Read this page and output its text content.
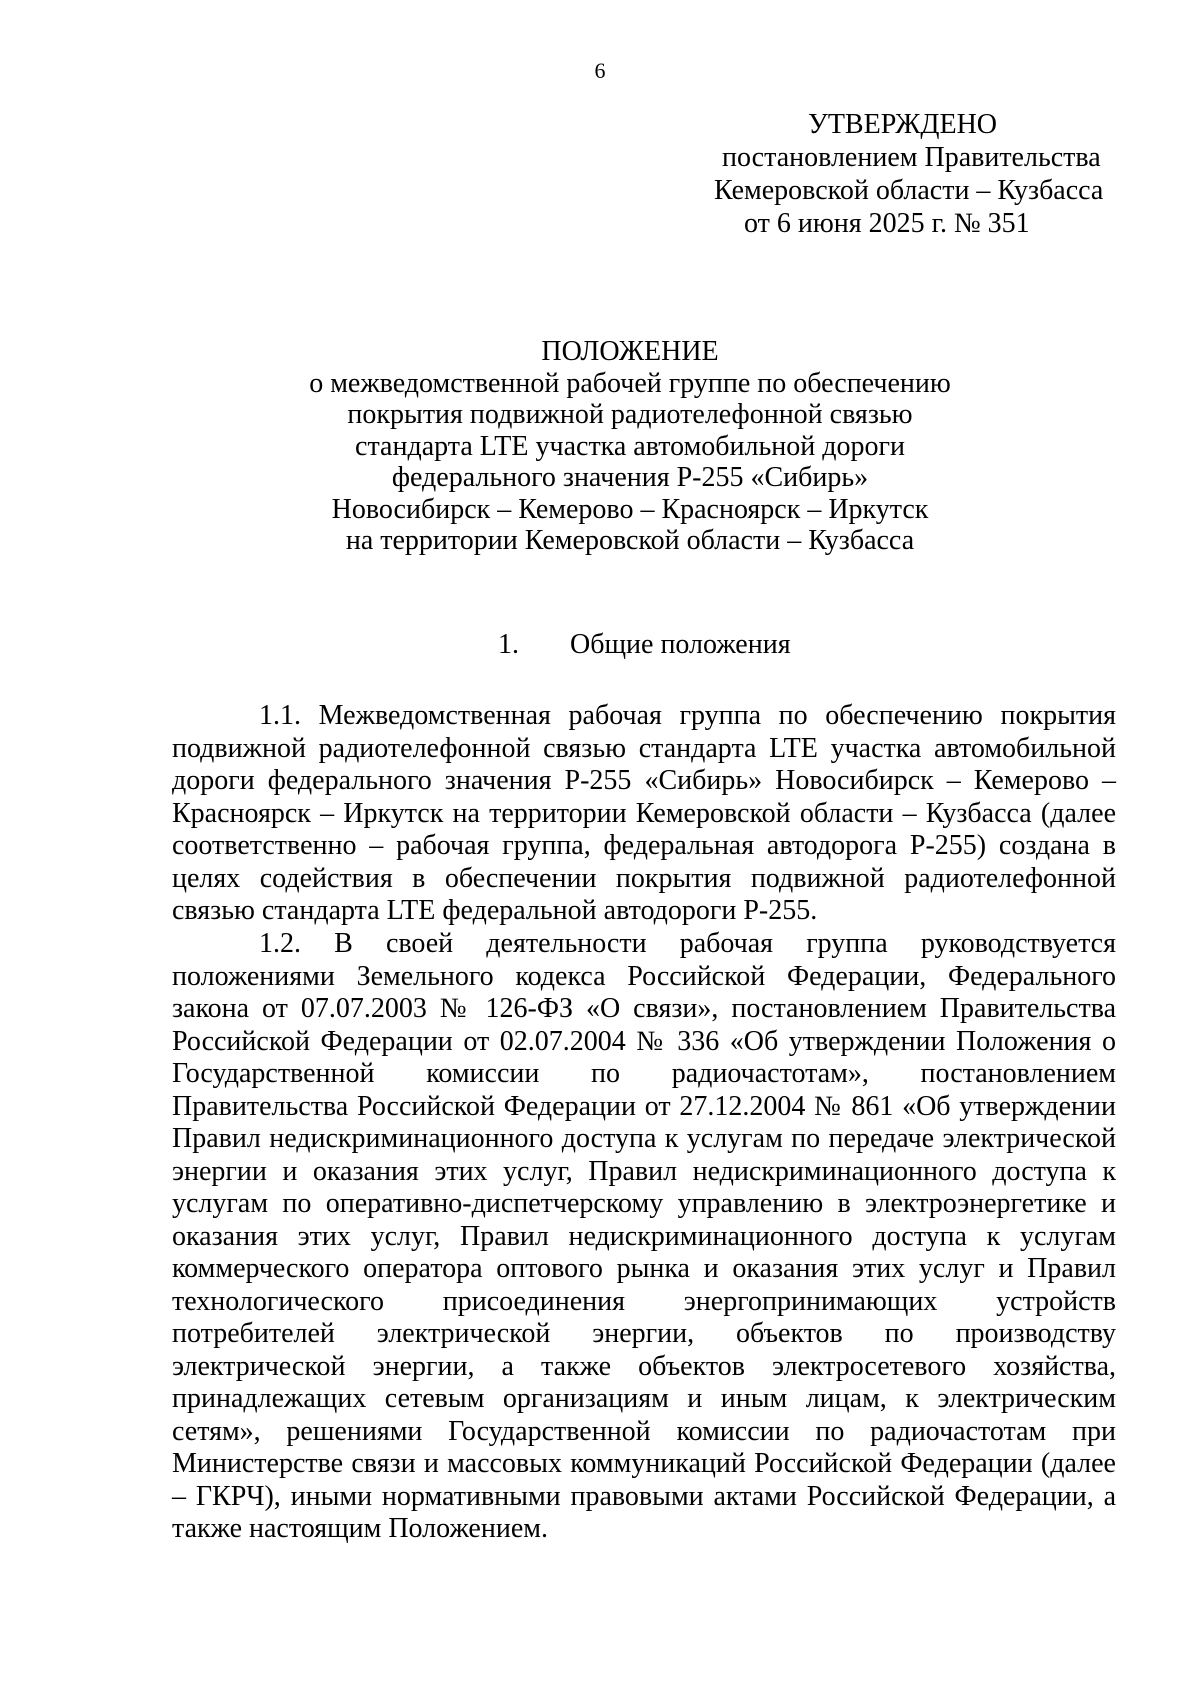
6
УТВЕРЖДЕНО
постановлением Правительства
Кемеровской области – Кузбасса
от 6 июня 2025 г. № 351
ПОЛОЖЕНИЕ
о межведомственной рабочей группе по обеспечению
покрытия подвижной радиотелефонной связью
стандарта LTE участка автомобильной дороги
федерального значения Р-255 «Сибирь»
Новосибирск – Кемерово – Красноярск – Иркутск
на территории Кемеровской области – Кузбасса
1. Общие положения

1.1. Межведомственная рабочая группа по обеспечению покрытия подвижной радиотелефонной связью стандарта LTE участка автомобильной дороги федерального значения Р-255 «Сибирь» Новосибирск – Кемерово – Красноярск – Иркутск на территории Кемеровской области – Кузбасса (далее соответственно – рабочая группа, федеральная автодорога Р-255) создана в целях содействия в обеспечении покрытия подвижной радиотелефонной связью стандарта LTE федеральной автодороги Р-255.

1.2. В своей деятельности рабочая группа руководствуется положениями Земельного кодекса Российской Федерации, Федерального закона от 07.07.2003 № 126-ФЗ «О связи», постановлением Правительства Российской Федерации от 02.07.2004 № 336 «Об утверждении Положения о Государственной комиссии по радиочастотам», постановлением Правительства Российской Федерации от 27.12.2004 № 861 «Об утверждении Правил недискриминационного доступа к услугам по передаче электрической энергии и оказания этих услуг, Правил недискриминационного доступа к услугам по оперативно-диспетчерскому управлению в электроэнергетике и оказания этих услуг, Правил недискриминационного доступа к услугам коммерческого оператора оптового рынка и оказания этих услуг и Правил технологического присоединения энергопринимающих устройств потребителей электрической энергии, объектов по производству электрической энергии, а также объектов электросетевого хозяйства, принадлежащих сетевым организациям и иным лицам, к электрическим сетям», решениями Государственной комиссии по радиочастотам при Министерстве связи и массовых коммуникаций Российской Федерации (далее – ГКРЧ), иными нормативными правовыми актами Российской Федерации, а также настоящим Положением.
